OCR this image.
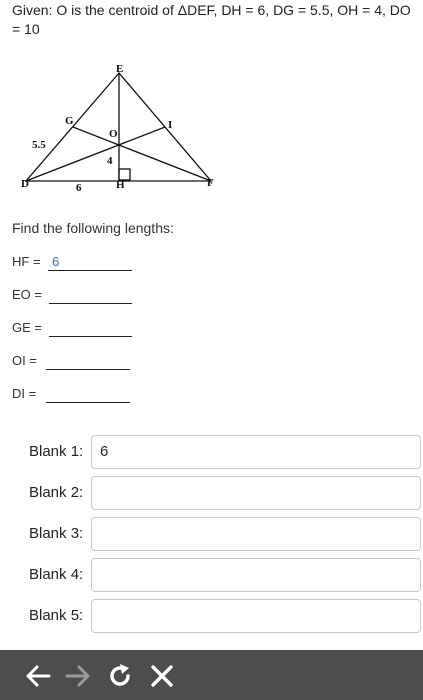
Given: O is the centroid of ΔDEF, DH = 6, DG = 5.5, OH = 4, DO = 10
E
G	I
O
D	H	F
5.5
4
6
Find the following lengths:
HF = 6
EO =
GE =
OI =
DI =
Blank 1:	6
Blank 2:
Blank 3:
Blank 4:
Blank 5:
